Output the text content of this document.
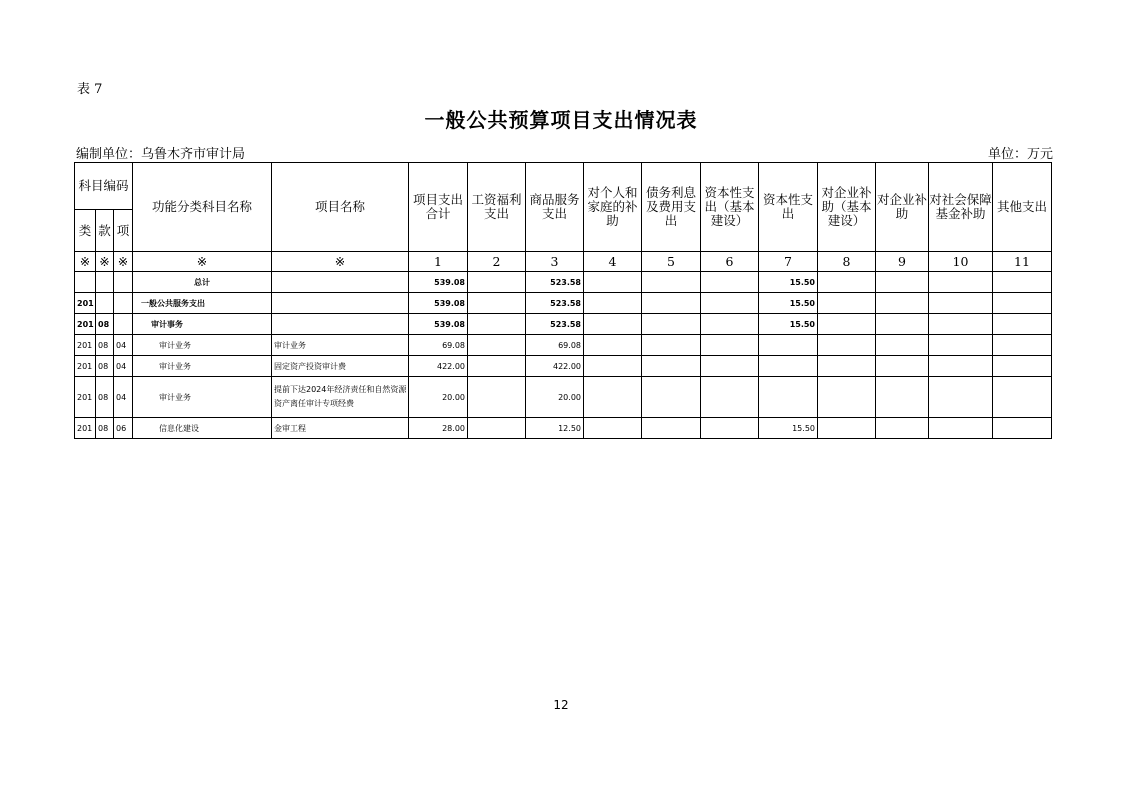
表 7
一般公共预算项目支出情况表
编制单位：乌鲁木齐市审计局	单位：万元
科目编码			功能分类科目名称	项目名称	项目支出合计	工资福利支出	商品服务支出	对个人和家庭的补助	债务利息及费用支出	资本性支出（基本建设）	资本性支出	对企业补助（基本建设）	对企业补助	对社会保障基金补助	其他支出
类	款	项													
※	※	※	※	※	1	2	3	4	5	6	7	8	9	10	11
			总计		539.08		523.58				15.50				
201			一般公共服务支出		539.08		523.58				15.50				
201	08		审计事务		539.08		523.58				15.50				
201	08	04	审计业务	审计业务	69.08		69.08								
201	08	04	审计业务	固定资产投资审计费	422.00		422.00								
201	08	04	审计业务	提前下达2024年经济责任和自然资源资产离任审计专项经费	20.00		20.00								
201	08	06	信息化建设	金审工程	28.00		12.50				15.50				
12
